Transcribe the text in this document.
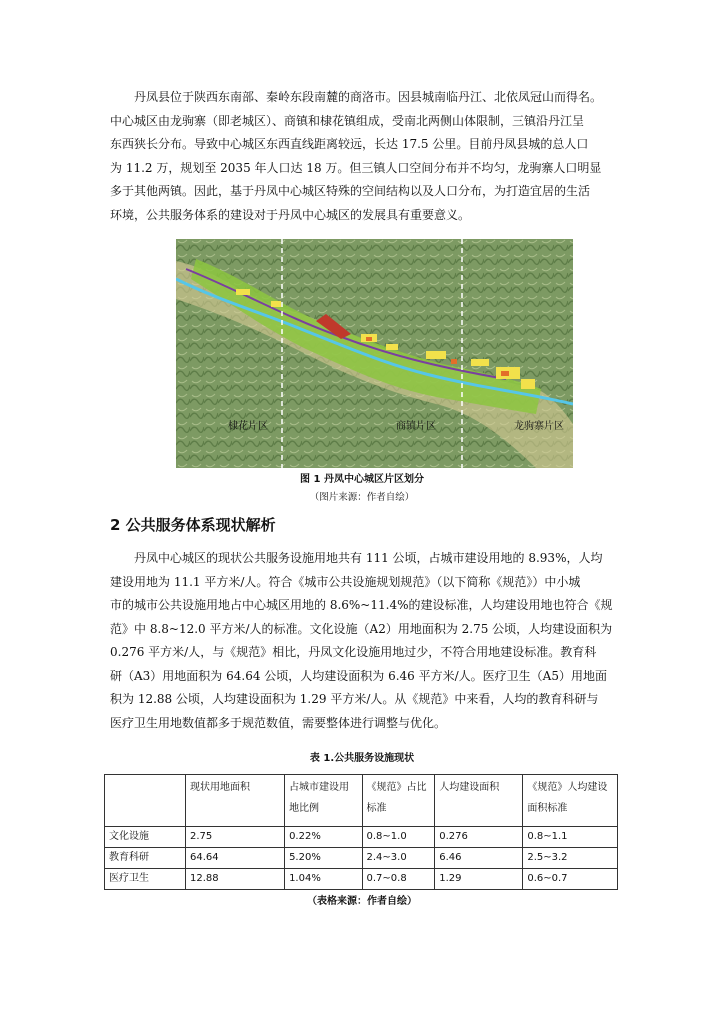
丹凤县位于陕西东南部、秦岭东段南麓的商洛市。因县城南临丹江、北依凤冠山而得名。
中心城区由龙驹寨（即老城区）、商镇和棣花镇组成，受南北两侧山体限制，三镇沿丹江呈
东西狭长分布。导致中心城区东西直线距离较远，长达 17.5 公里。目前丹凤县城的总人口
为 11.2 万，规划至 2035 年人口达 18 万。但三镇人口空间分布并不均匀，龙驹寨人口明显
多于其他两镇。因此，基于丹凤中心城区特殊的空间结构以及人口分布，为打造宜居的生活
环境，公共服务体系的建设对于丹凤中心城区的发展具有重要意义。
棣花片区	商镇片区	龙驹寨片区
图 1 丹凤中心城区片区划分
（图片来源：作者自绘）
2 公共服务体系现状解析
丹凤中心城区的现状公共服务设施用地共有 111 公顷，占城市建设用地的 8.93%，人均
建设用地为 11.1 平方米/人。符合《城市公共设施规划规范》（以下简称《规范》）中小城
市的城市公共设施用地占中心城区用地的 8.6%~11.4%的建设标准，人均建设用地也符合《规
范》中 8.8~12.0 平方米/人的标准。文化设施（A2）用地面积为 2.75 公顷，人均建设面积为
0.276 平方米/人，与《规范》相比，丹凤文化设施用地过少，不符合用地建设标准。教育科
研（A3）用地面积为 64.64 公顷，人均建设面积为 6.46 平方米/人。医疗卫生（A5）用地面
积为 12.88 公顷，人均建设面积为 1.29 平方米/人。从《规范》中来看，人均的教育科研与
医疗卫生用地数值都多于规范数值，需要整体进行调整与优化。
表 1.公共服务设施现状
	现状用地面积	占城市建设用地比例	《规范》占比标准	人均建设面积	《规范》人均建设面积标准
文化设施	2.75	0.22%	0.8~1.0	0.276	0.8~1.1
教育科研	64.64	5.20%	2.4~3.0	6.46	2.5~3.2
医疗卫生	12.88	1.04%	0.7~0.8	1.29	0.6~0.7
（表格来源：作者自绘）
